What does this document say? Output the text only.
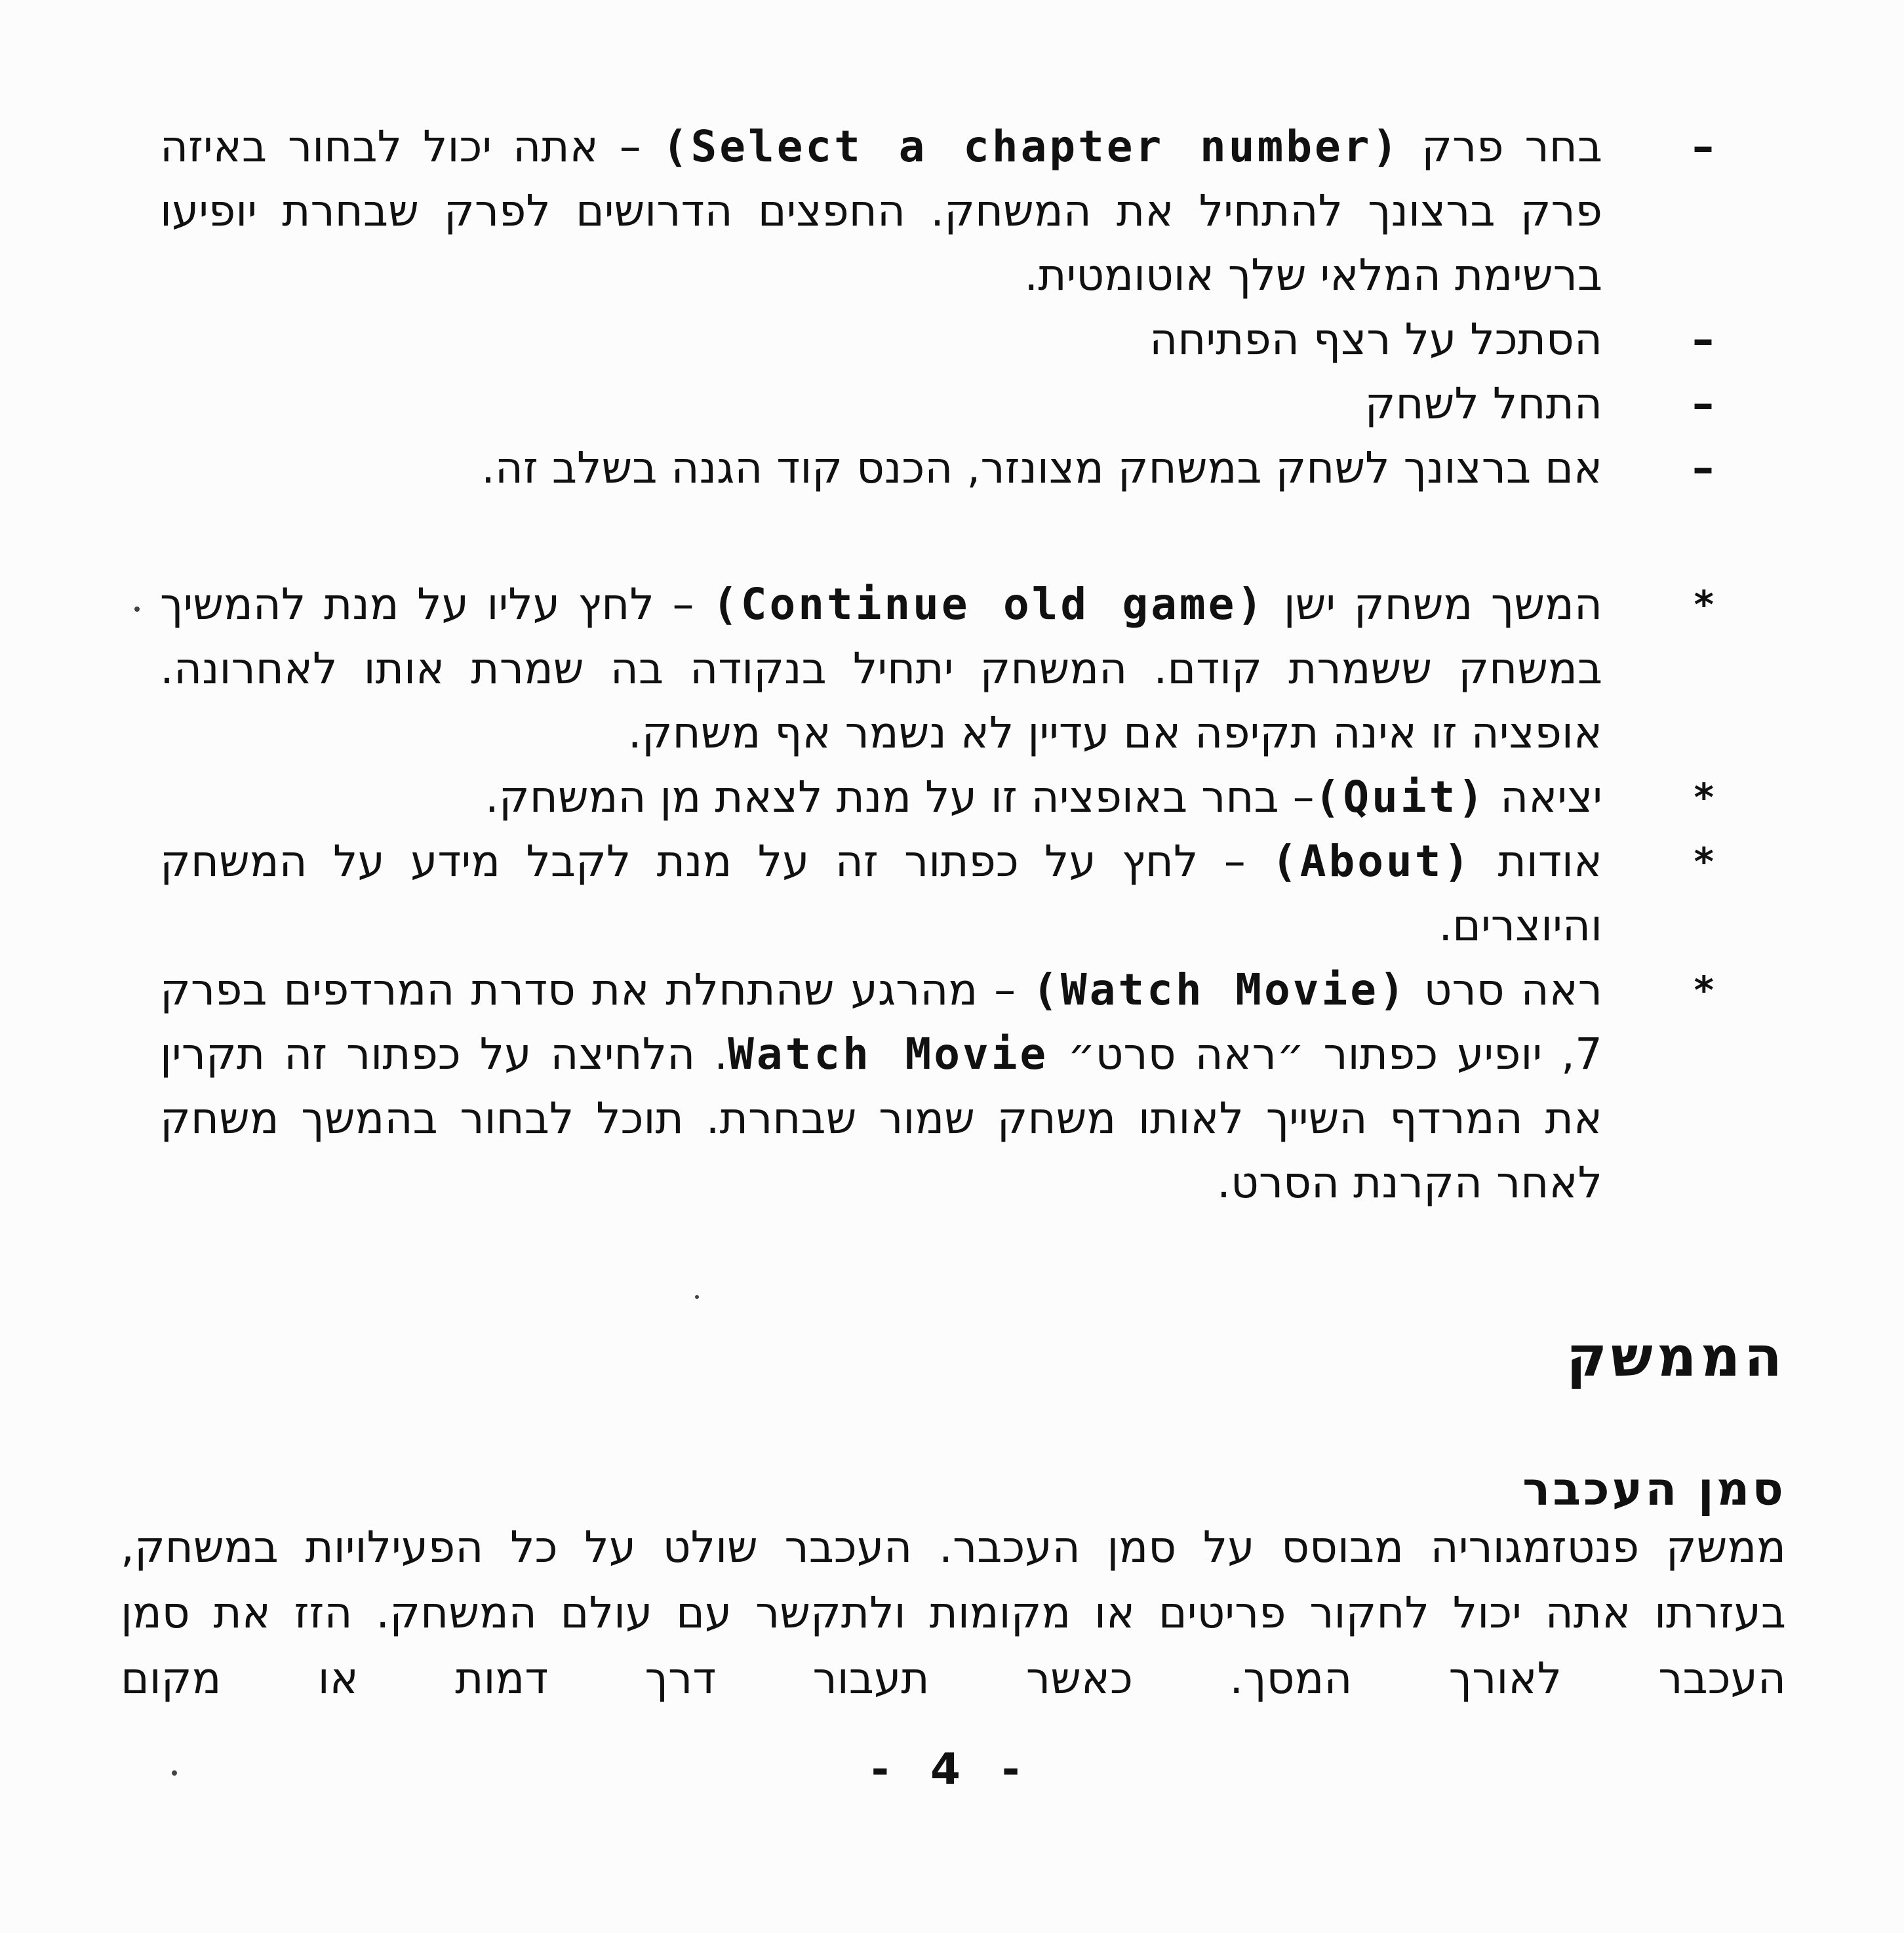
–
בחר פרק (Select a chapter number) – אתה יכול לבחור באיזה פרק ברצונך להתחיל את המשחק. החפצים הדרושים לפרק שבחרת יופיעו ברשימת המלאי שלך אוטומטית.
–
הסתכל על רצף הפתיחה
–
התחל לשחק
–
אם ברצונך לשחק במשחק מצונזר, הכנס קוד הגנה בשלב זה.
*
המשך משחק ישן (Continue old game) – לחץ עליו על מנת להמשיך במשחק ששמרת קודם. המשחק יתחיל בנקודה בה שמרת אותו לאחרונה. אופציה זו אינה תקיפה אם עדיין לא נשמר אף משחק.
*
יציאה (Quit)– בחר באופציה זו על מנת לצאת מן המשחק.
*
אודות (About) – לחץ על כפתור זה על מנת לקבל מידע על המשחק והיוצרים.
*
ראה סרט (Watch Movie) – מהרגע שהתחלת את סדרת המרדפים בפרק 7, יופיע כפתור ״ראה סרט״ Watch Movie. הלחיצה על כפתור זה תקרין את המרדף השייך לאותו משחק שמור שבחרת. תוכל לבחור בהמשך משחק לאחר הקרנת הסרט.
הממשק
סמן העכבר

ממשק פנטזמגוריה מבוסס על סמן העכבר. העכבר שולט על כל הפעילויות במשחק, בעזרתו אתה יכול לחקור פריטים או מקומות ולתקשר עם עולם המשחק. הזז את סמן העכבר לאורך המסך. כאשר תעבור דרך דמות או מקום

- 4 -
